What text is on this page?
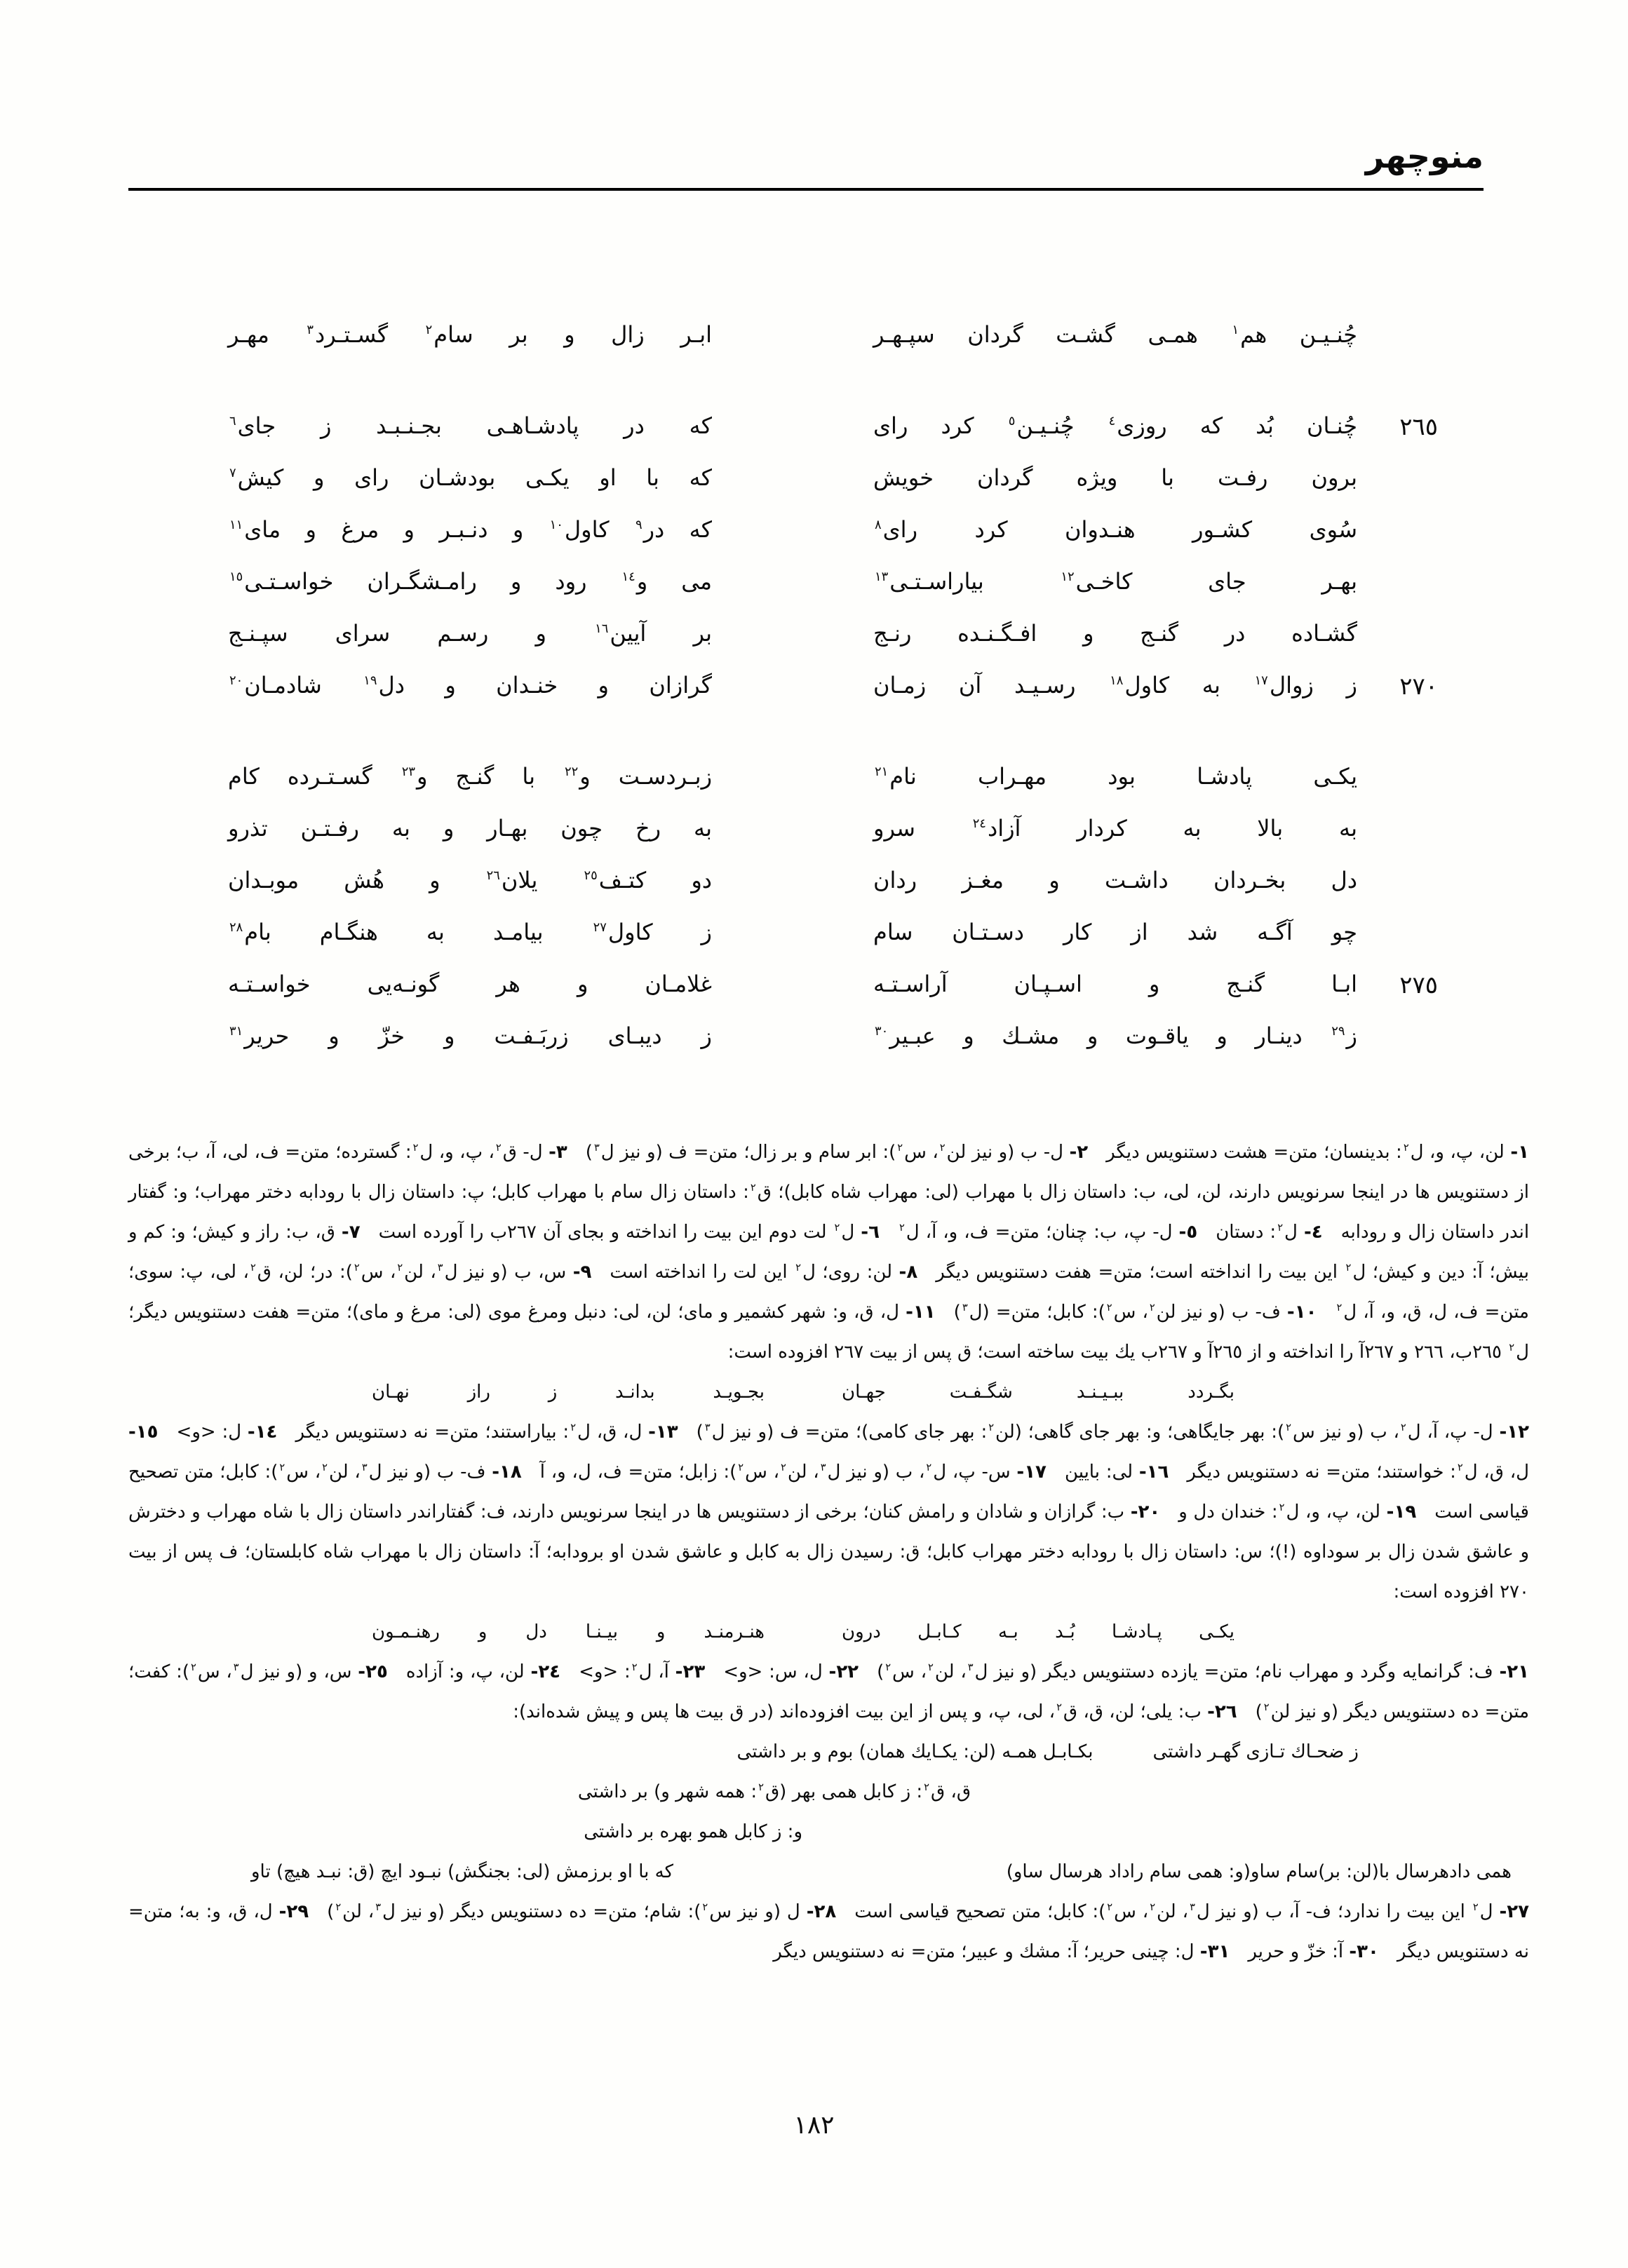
منوچهر
چُنـیـن هم$^١$ همـی گشـت گردان سپـهـر
ابـر زال و بر سام$^٢$ گسـتـرد$^٣$ مهـر
٢٦٥
چُنـان بُد که روزی$^٤$ چُنـیـن$^٥$ کرد رای
که در پادشـاهـی بجـنـبـد ز جای$^٦$
برون رفـت با ویژه گردان خویش
که با او یکـی بودشـان رای و کیش$^٧$
سُوی کشـور هنـدوان کرد رای$^٨$
که در$^٩$ کاول$^{١٠}$ و دنـبـر و مرغ و مای$^{١١}$
بهـر جای کاخـی$^{١٢}$ بیاراسـتـی$^{١٣}$
می و$^{١٤}$ رود و رامـشگـران خواسـتـی$^{١٥}$
گشـاده در گنـج و افـگـنـده رنـج
بر آیین$^{١٦}$ و رسـم سرای سپـنـج
٢٧٠
ز زوال$^{١٧}$ به کاول$^{١٨}$ رسـیـد آن زمـان
گرازان و خنـدان و دل$^{١٩}$ شادمـان$^{٢٠}$
یکـی پادشـا بود مهـراب نام$^{٢١}$
زبـردسـت و$^{٢٢}$ با گنـج و$^{٢٣}$ گسـتـرده کام
به بالا به کردار آزاد$^{٢٤}$ سرو
به رخ چون بهـار و به رفـتـن تذرو
دل بخـردان داشـت و مغـز ردان
دو کتـف$^{٢٥}$ یلان$^{٢٦}$ و هُش موبـدان
چو آگـه شد از کار دسـتـان سام
ز کاول$^{٢٧}$ بیامـد به هنگـام بام$^{٢٨}$
٢٧٥
ابـا گنـج و اسـپـان آراسـتـه
غلامـان و هر گونـه‌یی خواسـتـه
ز$^{٢٩}$ دینـار و یاقـوت و مشـك و عبـیر$^{٣٠}$
ز دیبـای زربَـفـت و خزّ و حریر$^{٣١}$
١- لن، پ، و، ل$^٢$: بدینسان؛ متن= هشت دستنویس دیگر ٢- ل- ب (و نیز لن$^٢$، س$^٢$): ابر سام و بر زال؛ متن= ف (و نیز ل$^٣$) ٣- ل- ق$^٢$، پ، و، ل$^٢$: گسترده؛ متن= ف، لی، آ، ب؛ برخی از دستنویس ها در اینجا سرنویس دارند، لن، لی، ب: داستان زال با مهراب (لی: مهراب شاه کابل)؛ ق$^٢$: داستان زال سام با مهراب کابل؛ پ: داستان زال با رودابه دختر مهراب؛ و: گفتار اندر داستان زال و رودابه ٤- ل$^٢$: دستان ٥- ل- پ، ب: چنان؛ متن= ف، و، آ، ل$^٢$ ٦- ل$^٢$ لت دوم این بیت را انداخته و بجای آن ٢٦٧ب را آورده است ٧- ق، ب: راز و کیش؛ و: کم و بیش؛ آ: دین و کیش؛ ل$^٢$ این بیت را انداخته است؛ متن= هفت دستنویس دیگر ٨- لن: روی؛ ل$^٢$ این لت را انداخته است ٩- س، ب (و نیز ل$^٣$، لن$^٢$، س$^٢$): در؛ لن، ق$^٢$، لی، پ: سوی؛ متن= ف، ل، ق، و، آ، ل$^٢$ ١٠- ف- ب (و نیز لن$^٢$، س$^٢$): کابل؛ متن= (ل$^٣$) ١١- ل، ق، و: شهر کشمیر و مای؛ لن، لی: دنبل ومرغ موی (لی: مرغ و مای)؛ متن= هفت دستنویس دیگر؛ ل$^٢$ ٢٦٥ب، ٢٦٦ و ٢٦٧آ را انداخته و از ٢٦٥آ و ٢٦٧ب یك بیت ساخته است؛ ق پس از بیت ٢٦٧ افزوده است:
بگـردد ببـیـنـد شگـفـت جهـان
بجـویـد بدانـد ز راز نهـان
١٢- ل- پ، آ، ل$^٢$، ب (و نیز س$^٢$): بهر جایگاهی؛ و: بهر جای گاهی؛ (لن$^٢$: بهر جای کامی)؛ متن= ف (و نیز ل$^٣$) ١٣- ل، ق، ل$^٢$: بیاراستند؛ متن= نه دستنویس دیگر ١٤- ل: <و> ١٥- ل، ق، ل$^٢$: خواستند؛ متن= نه دستنویس دیگر ١٦- لی: بایین ١٧- س- پ، ل$^٢$، ب (و نیز ل$^٣$، لن$^٢$، س$^٢$): زابل؛ متن= ف، ل، و، آ ١٨- ف- ب (و نیز ل$^٣$، لن$^٢$، س$^٢$): کابل؛ متن تصحیح قیاسی است ١٩- لن، پ، و، ل$^٢$: خندان دل و ٢٠- ب: گرازان و شادان و رامش کنان؛ برخی از دستنویس ها در اینجا سرنویس دارند، ف: گفتاراندر داستان زال با شاه مهراب و دخترش و عاشق شدن زال بر سوداوه (!)؛ س: داستان زال با رودابه دختر مهراب کابل؛ ق: رسیدن زال به کابل و عاشق شدن او برودابه؛ آ: داستان زال با مهراب شاه کابلستان؛ ف پس از بیت ٢٧٠ افزوده است:
یکـی پـادشـا بُـد بـه کـابـل درون
هنـرمنـد و بیـنـا دل و رهنـمـون
٢١- ف: گرانمایه وگرد و مهراب نام؛ متن= یازده دستنویس دیگر (و نیز ل$^٣$، لن$^٢$، س$^٢$) ٢٢- ل، س: <و> ٢٣- آ، ل$^٢$: <و> ٢٤- لن، پ، و: آزاده ٢٥- س، و (و نیز ل$^٣$، س$^٢$): کفت؛ متن= ده دستنویس دیگر (و نیز لن$^٢$) ٢٦- ب: یلی؛ لن، ق، ق$^٢$، لی، پ، و پس از این بیت افزوده‌اند (در ق بیت ها پس و پیش شده‌اند):
ز ضحـاك تـازی گهـر داشتی
بکـابـل همـه (لن: یکـایك همان) بوم و بر داشتی
ق، ق$^٢$: ز کابل همی بهر (ق$^٢$: همه شهر و) بر داشتی
و: ز کابل همو بهره بر داشتی
همی دادهرسال با(لن: بر)سام ساو(و: همی سام راداد هرسال ساو)
که با او برزمش (لی: بجنگش) نبـود ایچ (ق: نبـد هیچ) تاو
٢٧- ل$^٢$ این بیت را ندارد؛ ف- آ، ب (و نیز ل$^٣$، لن$^٢$، س$^٢$): کابل؛ متن تصحیح قیاسی است ٢٨- ل (و نیز س$^٢$): شام؛ متن= ده دستنویس دیگر (و نیز ل$^٣$، لن$^٢$) ٢٩- ل، ق، و: به؛ متن= نه دستنویس دیگر ٣٠- آ: خزّ و حریر ٣١- ل: چینی حریر؛ آ: مشك و عبیر؛ متن= نه دستنویس دیگر
١٨٢
